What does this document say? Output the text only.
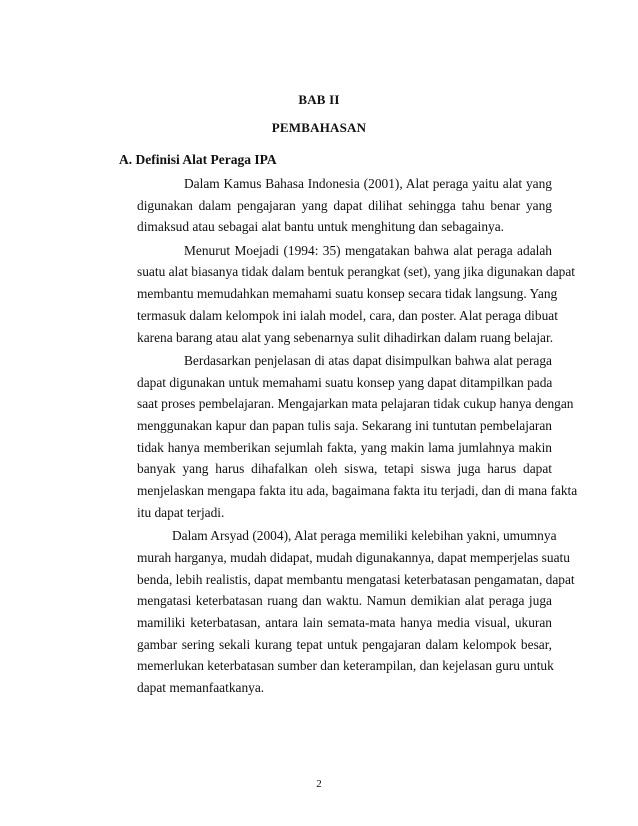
BAB II
PEMBAHASAN
A. Definisi Alat Peraga IPA
Dalam Kamus Bahasa Indonesia (2001), Alat peraga yaitu alat yang
digunakan dalam pengajaran yang dapat dilihat sehingga tahu benar yang
dimaksud atau sebagai alat bantu untuk menghitung dan sebagainya.
Menurut Moejadi (1994: 35) mengatakan bahwa alat peraga adalah
suatu alat biasanya tidak dalam bentuk perangkat (set), yang jika digunakan dapat
membantu memudahkan memahami suatu konsep secara tidak langsung. Yang
termasuk dalam kelompok ini ialah model, cara, dan poster. Alat peraga dibuat
karena barang atau alat yang sebenarnya sulit dihadirkan dalam ruang belajar.
Berdasarkan penjelasan di atas dapat disimpulkan bahwa alat peraga
dapat digunakan untuk memahami suatu konsep yang dapat ditampilkan pada
saat proses pembelajaran. Mengajarkan mata pelajaran tidak cukup hanya dengan
menggunakan kapur dan papan tulis saja. Sekarang ini tuntutan pembelajaran
tidak hanya memberikan sejumlah fakta, yang makin lama jumlahnya makin
banyak yang harus dihafalkan oleh siswa, tetapi siswa juga harus dapat
menjelaskan mengapa fakta itu ada, bagaimana fakta itu terjadi, dan di mana fakta
itu dapat terjadi.
Dalam Arsyad (2004), Alat peraga memiliki kelebihan yakni, umumnya
murah harganya, mudah didapat, mudah digunakannya, dapat memperjelas suatu
benda, lebih realistis, dapat membantu mengatasi keterbatasan pengamatan, dapat
mengatasi keterbatasan ruang dan waktu. Namun demikian alat peraga juga
mamiliki keterbatasan, antara lain semata-mata hanya media visual, ukuran
gambar sering sekali kurang tepat untuk pengajaran dalam kelompok besar,
memerlukan keterbatasan sumber dan keterampilan, dan kejelasan guru untuk
dapat memanfaatkanya.
2
